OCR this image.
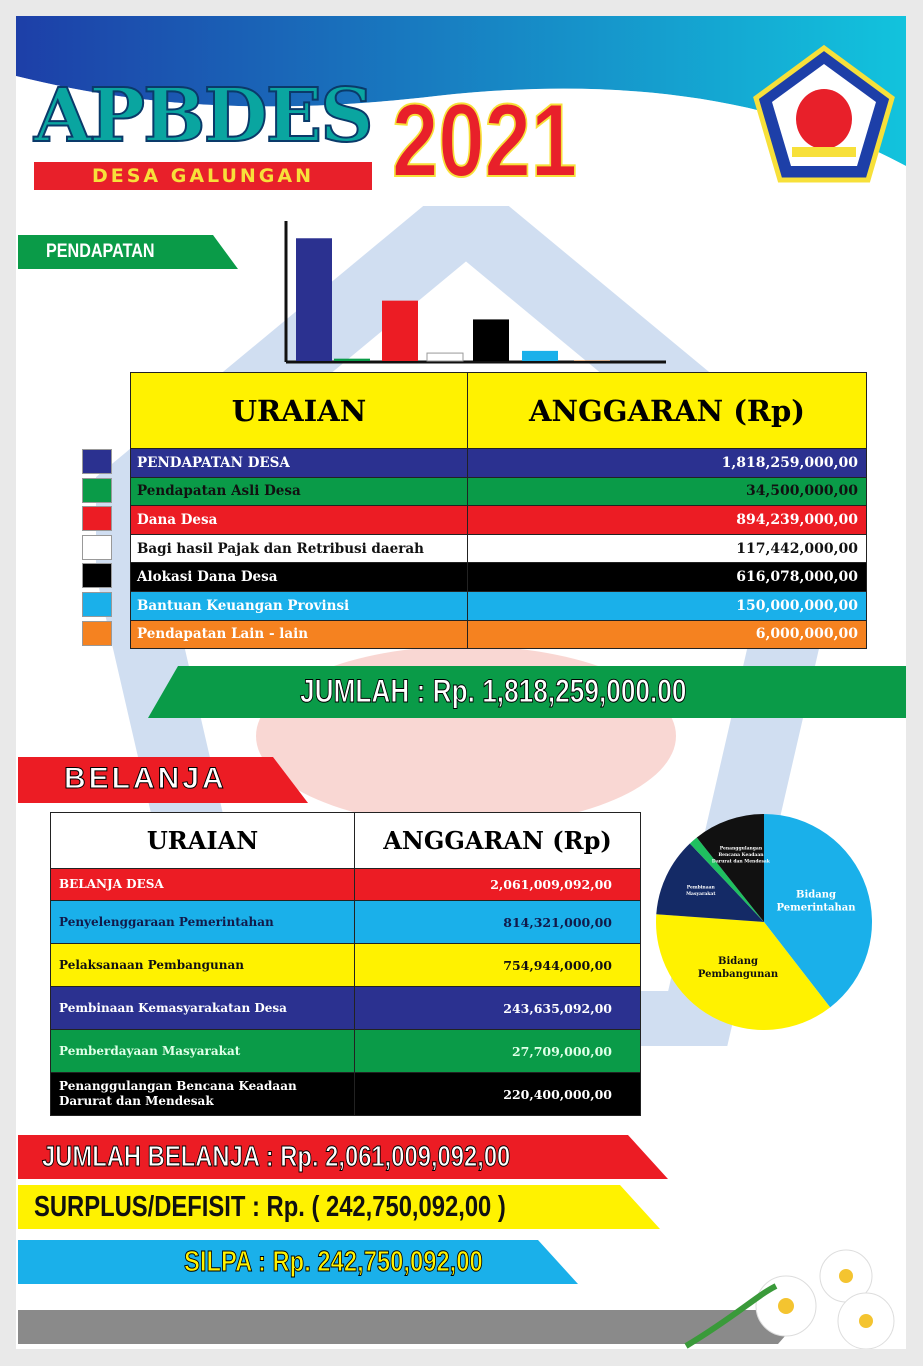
APBDES
DESA GALUNGAN 2021
PENDAPATAN
URAIAN	ANGGARAN (Rp)
PENDAPATAN DESA	1,818,259,000,00
Pendapatan Asli Desa	34,500,000,00
Dana Desa	894,239,000,00
Bagi hasil Pajak dan Retribusi daerah	117,442,000,00
Alokasi Dana Desa	616,078,000,00
Bantuan Keuangan Provinsi	150,000,000,00
Pendapatan Lain - lain	6,000,000,00
JUMLAH : Rp. 1,818,259,000.00
BELANJA
URAIAN	ANGGARAN (Rp)
BELANJA DESA	2,061,009,092,00
Penyelenggaraan Pemerintahan	814,321,000,00
Pelaksanaan Pembangunan	754,944,000,00
Pembinaan Kemasyarakatan Desa	243,635,092,00
Pemberdayaan Masyarakat	27,709,000,00
Penanggulangan Bencana Keadaan Darurat dan Mendesak	220,400,000,00
Bidang Pemerintahan
Bidang Pembangunan
Pembinaan Masyarakat
Penanggulangan Bencana Keadaan Darurat dan Mendesak
JUMLAH BELANJA : Rp. 2,061,009,092,00
SURPLUS/DEFISIT : Rp. ( 242,750,092,00 )
SILPA : Rp. 242,750,092,00
